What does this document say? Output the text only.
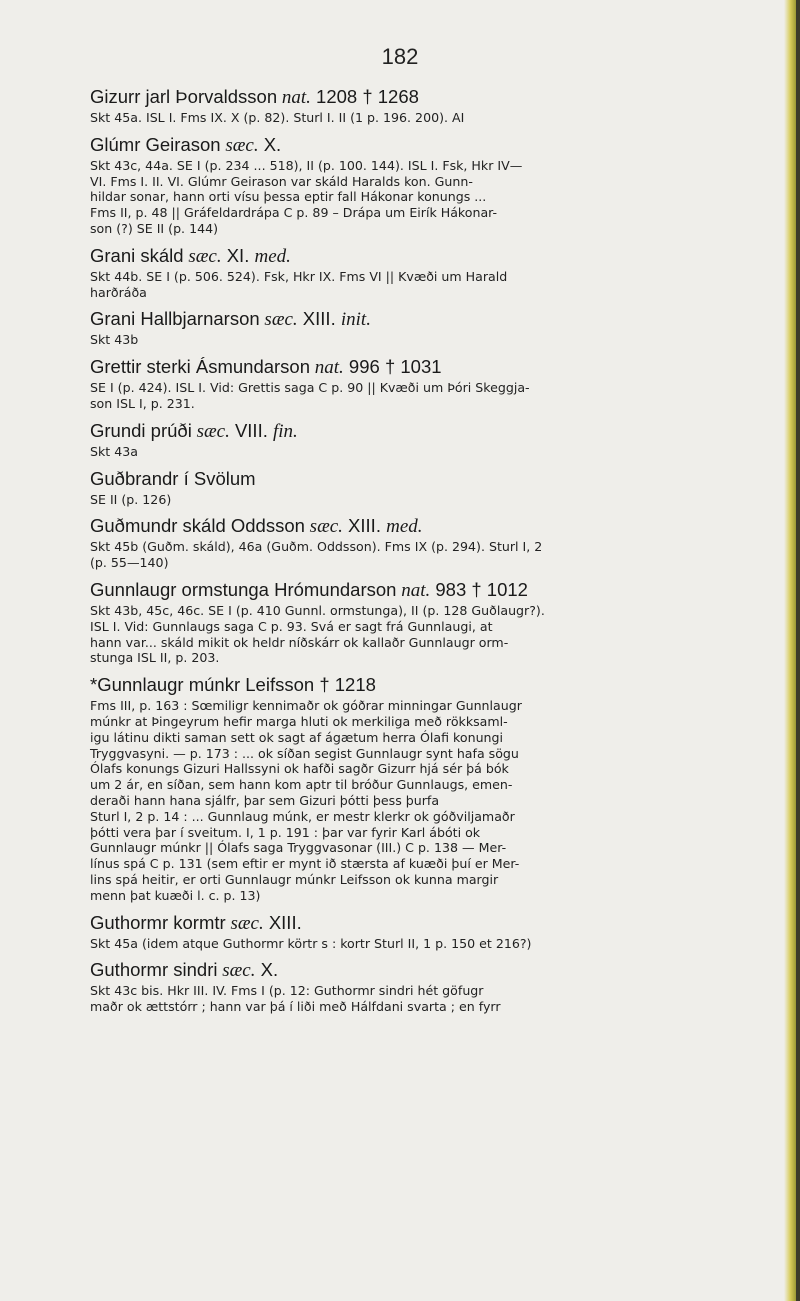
182

Gizurr jarl Þorvaldsson nat. 1208 † 1268

Skt 45a. ISL I. Fms IX. X (p. 82). Sturl I. II (1 p. 196. 200). AI

Glúmr Geirason sæc. X.

Skt 43c, 44a. SE I (p. 234 ... 518), II (p. 100. 144). ISL I. Fsk, Hkr IV—
VI. Fms I. II. VI. Glúmr Geirason var skáld Haralds kon. Gunn-
hildar sonar, hann orti vísu þessa eptir fall Hákonar konungs ...
Fms II, p. 48 || Gráfeldardrápa C p. 89 – Drápa um Eirík Hákonar-
son (?) SE II (p. 144)

Grani skáld sæc. XI. med.

Skt 44b. SE I (p. 506. 524). Fsk, Hkr IX. Fms VI || Kvæði um Harald
harðráða

Grani Hallbjarnarson sæc. XIII. init.

Skt 43b

Grettir sterki Ásmundarson nat. 996 † 1031

SE I (p. 424). ISL I. Vid: Grettis saga C p. 90 || Kvæði um Þóri Skeggja-
son ISL I, p. 231.

Grundi prúði sæc. VIII. fin.

Skt 43a

Guðbrandr í Svölum

SE II (p. 126)

Guðmundr skáld Oddsson sæc. XIII. med.

Skt 45b (Guðm. skáld), 46a (Guðm. Oddsson). Fms IX (p. 294). Sturl I, 2
(p. 55—140)

Gunnlaugr ormstunga Hrómundarson nat. 983 † 1012

Skt 43b, 45c, 46c. SE I (p. 410 Gunnl. ormstunga), II (p. 128 Guðlaugr?).
ISL I. Vid: Gunnlaugs saga C p. 93. Svá er sagt frá Gunnlaugi, at
hann var... skáld mikit ok heldr níðskárr ok kallaðr Gunnlaugr orm-
stunga ISL II, p. 203.

*Gunnlaugr múnkr Leifsson † 1218

Fms III, p. 163 : Sœmiligr kennimaðr ok góðrar minningar Gunnlaugr
múnkr at Þingeyrum hefir marga hluti ok merkiliga með rökksaml-
igu látinu dikti saman sett ok sagt af ágætum herra Ólafi konungi
Tryggvasyni. — p. 173 : ... ok síðan segist Gunnlaugr synt hafa sögu
Ólafs konungs Gizuri Hallssyni ok hafði sagðr Gizurr hjá sér þá bók
um 2 ár, en síðan, sem hann kom aptr til bróður Gunnlaugs, emen-
deraði hann hana sjálfr, þar sem Gizuri þótti þess þurfa
Sturl I, 2 p. 14 : ... Gunnlaug múnk, er mestr klerkr ok góðviljamaðr
þótti vera þar í sveitum. I, 1 p. 191 : þar var fyrir Karl ábóti ok
Gunnlaugr múnkr || Ólafs saga Tryggvasonar (III.) C p. 138 — Mer-
línus spá C p. 131 (sem eftir er mynt ið stærsta af kuæði þuí er Mer-
lins spá heitir, er orti Gunnlaugr múnkr Leifsson ok kunna margir
menn þat kuæði l. c. p. 13)

Guthormr kormtr sæc. XIII.

Skt 45a (idem atque Guthormr körtr s : kortr Sturl II, 1 p. 150 et 216?)

Guthormr sindri sæc. X.

Skt 43c bis. Hkr III. IV. Fms I (p. 12: Guthormr sindri hét göfugr
maðr ok ættstórr ; hann var þá í liði með Hálfdani svarta ; en fyrr
